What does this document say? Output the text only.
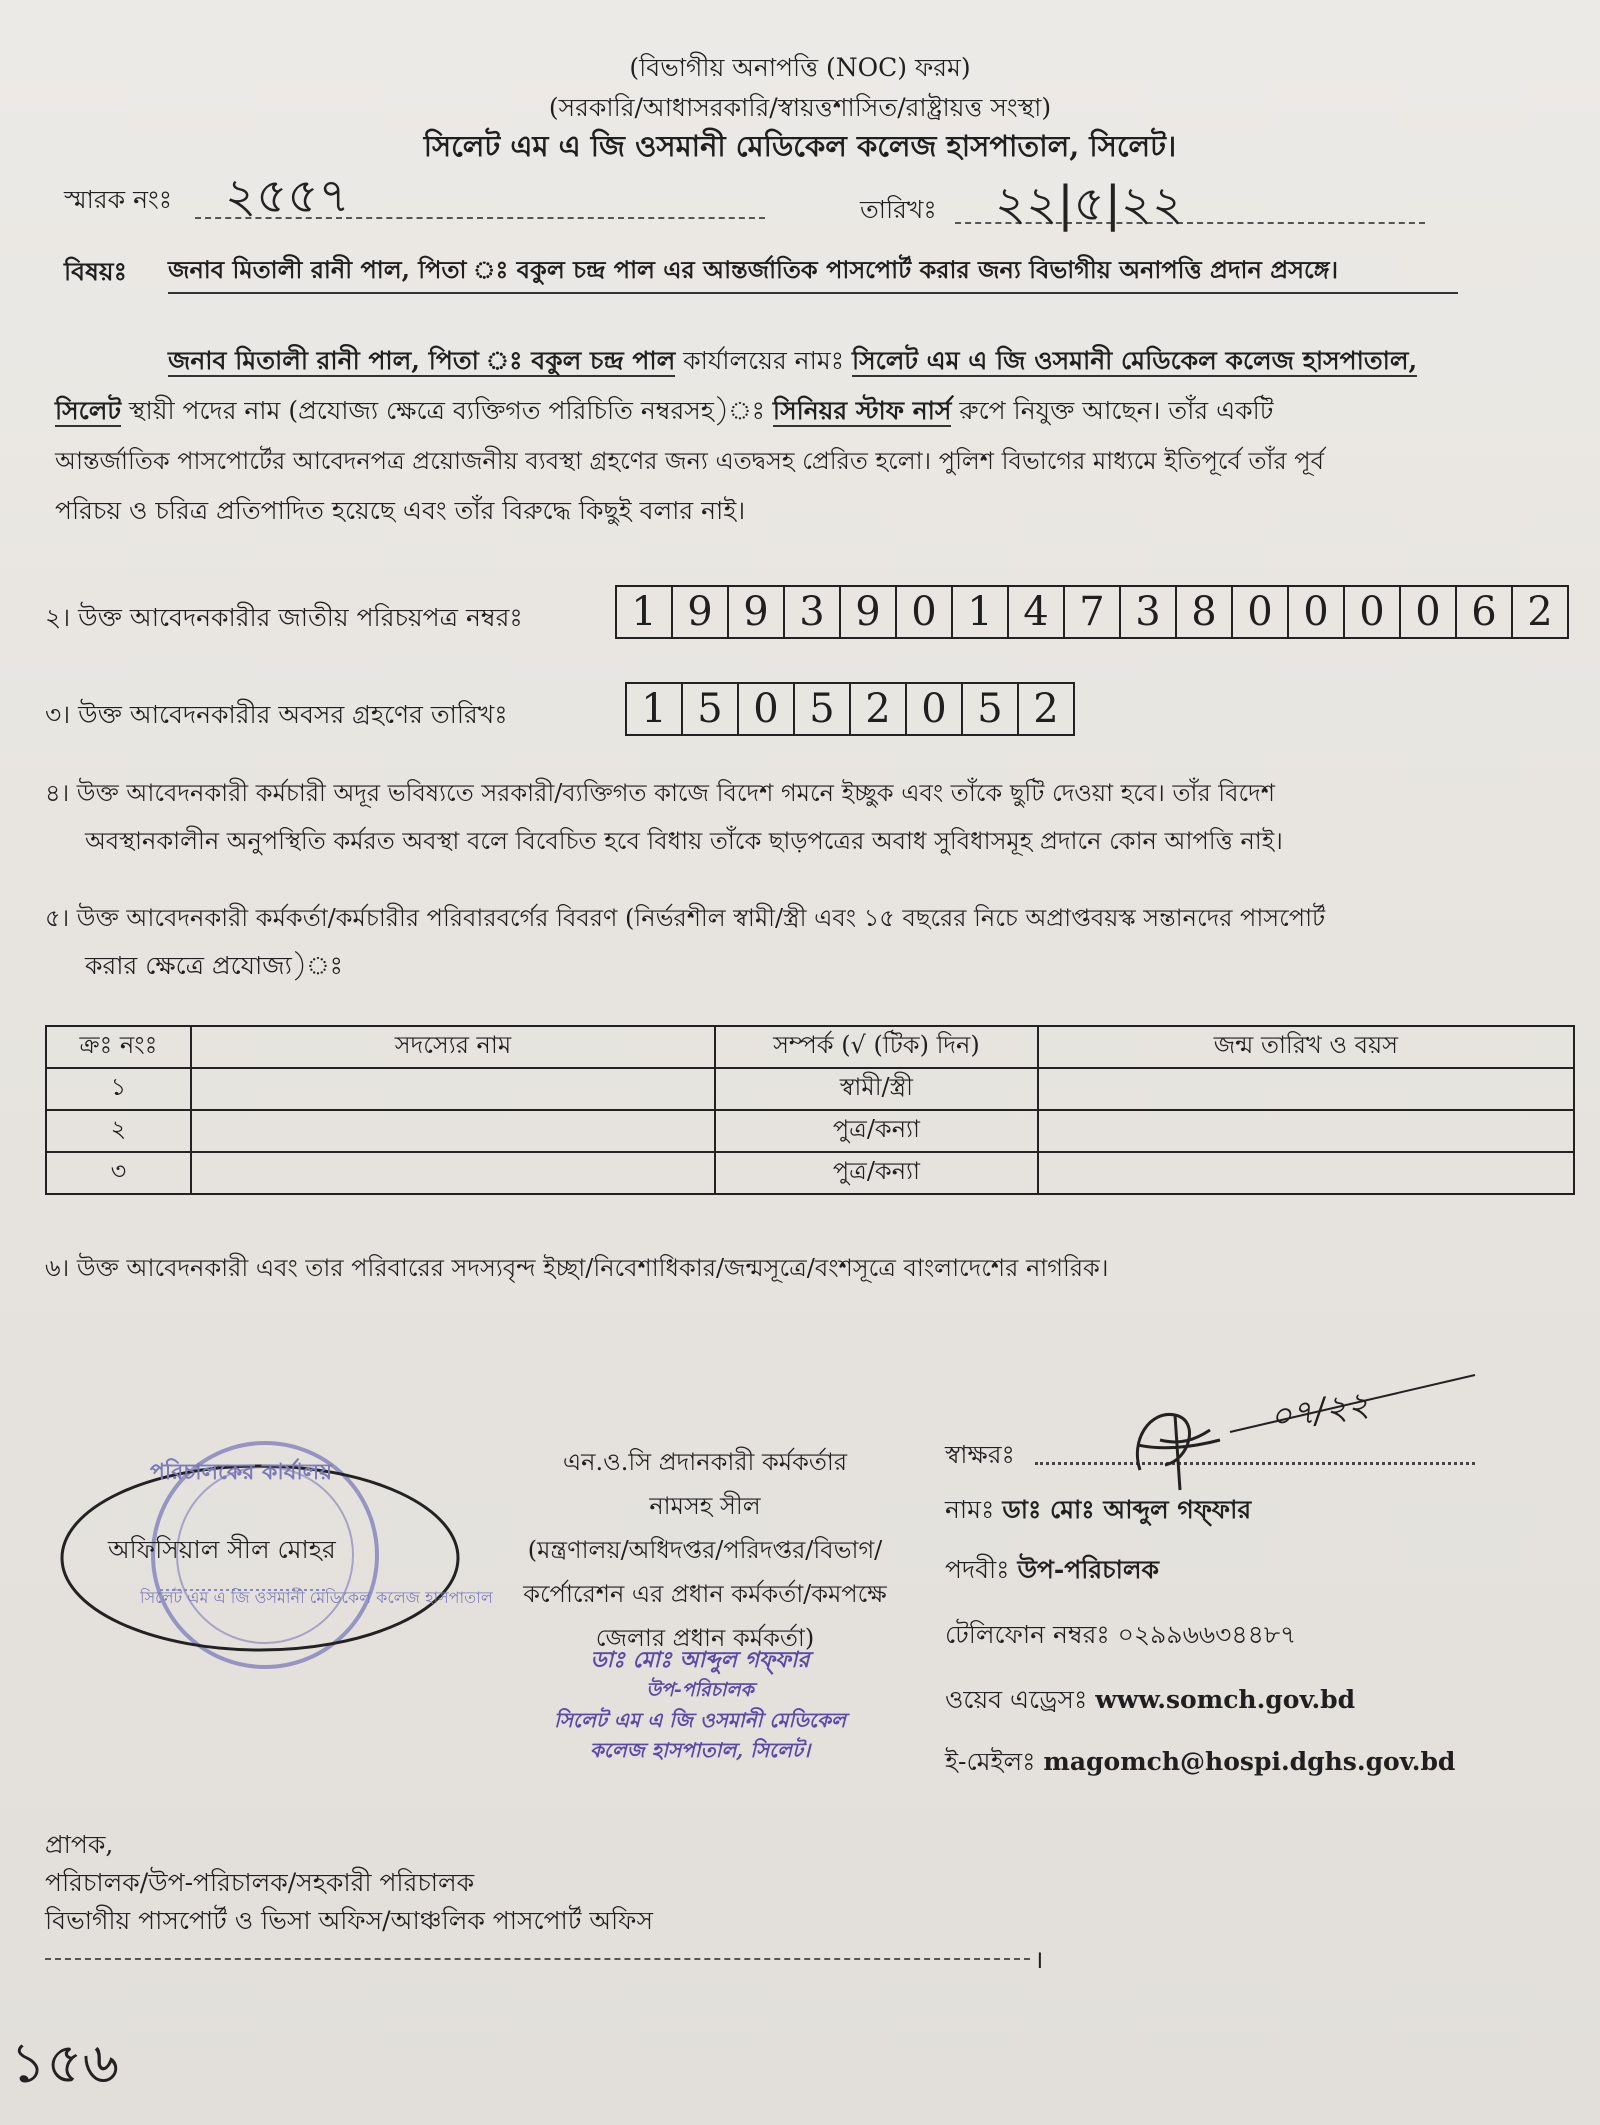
(বিভাগীয় অনাপত্তি (NOC) ফরম)
(সরকারি/আধাসরকারি/স্বায়ত্তশাসিত/রাষ্ট্রায়ত্ত সংস্থা)
সিলেট এম এ জি ওসমানী মেডিকেল কলেজ হাসপাতাল, সিলেট।
স্মারক নংঃ ২৫৫৭	তারিখঃ ২২|৫|২২
বিষয়ঃ জনাব মিতালী রানী পাল, পিতা ঃ বকুল চন্দ্র পাল এর আন্তর্জাতিক পাসপোর্ট করার জন্য বিভাগীয় অনাপত্তি প্রদান প্রসঙ্গে।
জনাব মিতালী রানী পাল, পিতা ঃ বকুল চন্দ্র পাল কার্যালয়ের নামঃ সিলেট এম এ জি ওসমানী মেডিকেল কলেজ হাসপাতাল,
সিলেট স্থায়ী পদের নাম (প্রযোজ্য ক্ষেত্রে ব্যক্তিগত পরিচিতি নম্বরসহ)ঃ সিনিয়র স্টাফ নার্স রুপে নিযুক্ত আছেন। তাঁর একটি
আন্তর্জাতিক পাসপোর্টের আবেদনপত্র প্রয়োজনীয় ব্যবস্থা গ্রহণের জন্য এতদ্বসহ প্রেরিত হলো। পুলিশ বিভাগের মাধ্যমে ইতিপূর্বে তাঁর পূর্ব
পরিচয় ও চরিত্র প্রতিপাদিত হয়েছে এবং তাঁর বিরুদ্ধে কিছুই বলার নাই।
২। উক্ত আবেদনকারীর জাতীয় পরিচয়পত্র নম্বরঃ	1 9 9 3 9 0 1 4 7 3 8 0 0 0 0 6 2
৩। উক্ত আবেদনকারীর অবসর গ্রহণের তারিখঃ	1 5 0 5 2 0 5 2
৪। উক্ত আবেদনকারী কর্মচারী অদূর ভবিষ্যতে সরকারী/ব্যক্তিগত কাজে বিদেশ গমনে ইচ্ছুক এবং তাঁকে ছুটি দেওয়া হবে। তাঁর বিদেশ
অবস্থানকালীন অনুপস্থিতি কর্মরত অবস্থা বলে বিবেচিত হবে বিধায় তাঁকে ছাড়পত্রের অবাধ সুবিধাসমূহ প্রদানে কোন আপত্তি নাই।
৫। উক্ত আবেদনকারী কর্মকর্তা/কর্মচারীর পরিবারবর্গের বিবরণ (নির্ভরশীল স্বামী/স্ত্রী এবং ১৫ বছরের নিচে অপ্রাপ্তবয়স্ক সন্তানদের পাসপোর্ট
করার ক্ষেত্রে প্রযোজ্য)ঃ
ক্রঃ নংঃ	সদস্যের নাম	সম্পর্ক (√ (টিক) দিন)	জন্ম তারিখ ও বয়স
১		স্বামী/স্ত্রী	
২		পুত্র/কন্যা	
৩		পুত্র/কন্যা	
৬। উক্ত আবেদনকারী এবং তার পরিবারের সদস্যবৃন্দ ইচ্ছা/নিবেশাধিকার/জন্মসূত্রে/বংশসূত্রে বাংলাদেশের নাগরিক।
পরিচালকের কার্যালয়
সিলেট এম এ জি ওসমানী মেডিকেল কলেজ হাসপাতাল
অফিসিয়াল সীল মোহর
এন.ও.সি প্রদানকারী কর্মকর্তার
নামসহ সীল
(মন্ত্রণালয়/অধিদপ্তর/পরিদপ্তর/বিভাগ/
কর্পোরেশন এর প্রধান কর্মকর্তা/কমপক্ষে
জেলার প্রধান কর্মকর্তা)
ডাঃ মোঃ আব্দুল গফ্ফার
উপ-পরিচালক
সিলেট এম এ জি ওসমানী মেডিকেল
কলেজ হাসপাতাল, সিলেট।
স্বাক্ষরঃ
০৭/২২
নামঃ ডাঃ মোঃ আব্দুল গফ্ফার
পদবীঃ উপ-পরিচালক
টেলিফোন নম্বরঃ ০২৯৯৬৬৩৪৪৮৭
ওয়েব এড্রেসঃ www.somch.gov.bd
ই-মেইলঃ magomch@hospi.dghs.gov.bd
প্রাপক,
পরিচালক/উপ-পরিচালক/সহকারী পরিচালক
বিভাগীয় পাসপোর্ট ও ভিসা অফিস/আঞ্চলিক পাসপোর্ট অফিস
।
১৫৬
